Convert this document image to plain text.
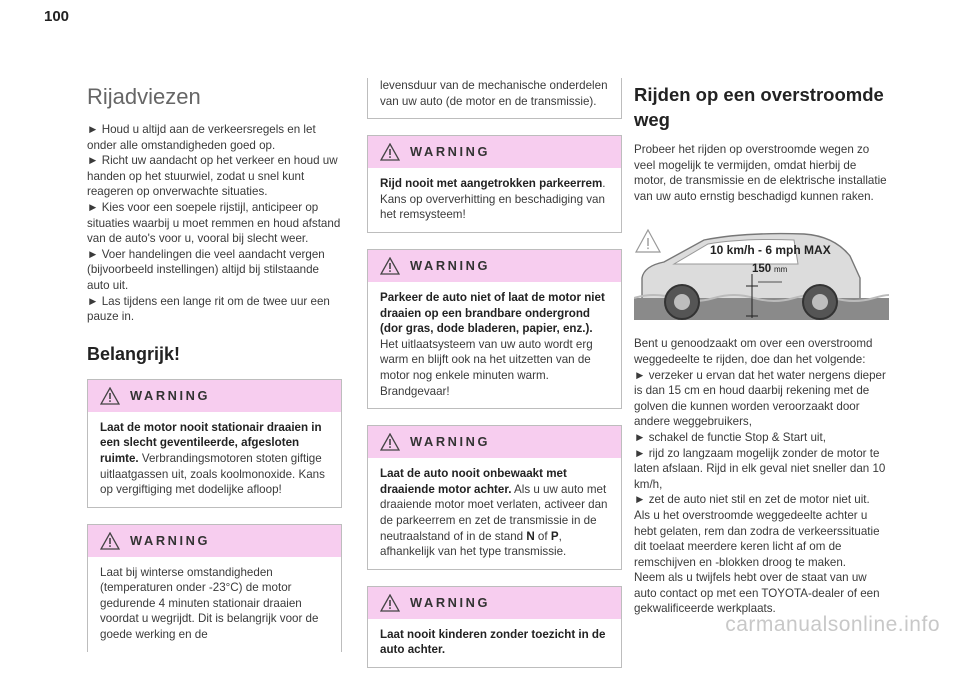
100
Rijadviezen
► Houd u altijd aan de verkeersregels en let onder alle omstandigheden goed op.
► Richt uw aandacht op het verkeer en houd uw handen op het stuurwiel, zodat u snel kunt reageren op onverwachte situaties.
► Kies voor een soepele rijstijl, anticipeer op situaties waarbij u moet remmen en houd afstand van de auto's voor u, vooral bij slecht weer.
► Voer handelingen die veel aandacht vergen (bijvoorbeeld instellingen) altijd bij stilstaande auto uit.
► Las tijdens een lange rit om de twee uur een pauze in.
Belangrijk!
WARNING
Laat de motor nooit stationair draaien in een slecht geventileerde, afgesloten ruimte. Verbrandingsmotoren stoten giftige uitlaatgassen uit, zoals koolmonoxide. Kans op vergiftiging met dodelijke afloop!
WARNING
Laat bij winterse omstandigheden (temperaturen onder -23°C) de motor gedurende 4 minuten stationair draaien voordat u wegrijdt. Dit is belangrijk voor de goede werking en de
levensduur van de mechanische onderdelen van uw auto (de motor en de transmissie).
WARNING
Rijd nooit met aangetrokken parkeerrem. Kans op oververhitting en beschadiging van het remsysteem!
WARNING
Parkeer de auto niet of laat de motor niet draaien op een brandbare ondergrond (dor gras, dode bladeren, papier, enz.). Het uitlaatsysteem van uw auto wordt erg warm en blijft ook na het uitzetten van de motor nog enkele minuten warm. Brandgevaar!
WARNING
Laat de auto nooit onbewaakt met draaiende motor achter. Als u uw auto met draaiende motor moet verlaten, activeer dan de parkeerrem en zet de transmissie in de neutraalstand of in de stand N of P, afhankelijk van het type transmissie.
WARNING
Laat nooit kinderen zonder toezicht in de auto achter.
Rijden op een overstroomde weg

Probeer het rijden op overstroomde wegen zo veel mogelijk te vermijden, omdat hierbij de motor, de transmissie en de elektrische installatie van uw auto ernstig beschadigd kunnen raken.

150 mm
10 km/h - 6 mph MAX
Bent u genoodzaakt om over een overstroomd weggedeelte te rijden, doe dan het volgende:
► verzeker u ervan dat het water nergens dieper is dan 15 cm en houd daarbij rekening met de golven die kunnen worden veroorzaakt door andere weggebruikers,
► schakel de functie Stop & Start uit,
► rijd zo langzaam mogelijk zonder de motor te laten afslaan. Rijd in elk geval niet sneller dan 10 km/h,
► zet de auto niet stil en zet de motor niet uit.
Als u het overstroomde weggedeelte achter u hebt gelaten, rem dan zodra de verkeerssituatie dit toelaat meerdere keren licht af om de remschijven en -blokken droog te maken.
Neem als u twijfels hebt over de staat van uw auto contact op met een TOYOTA-dealer of een gekwalificeerde werkplaats.
carmanualsonline.info
